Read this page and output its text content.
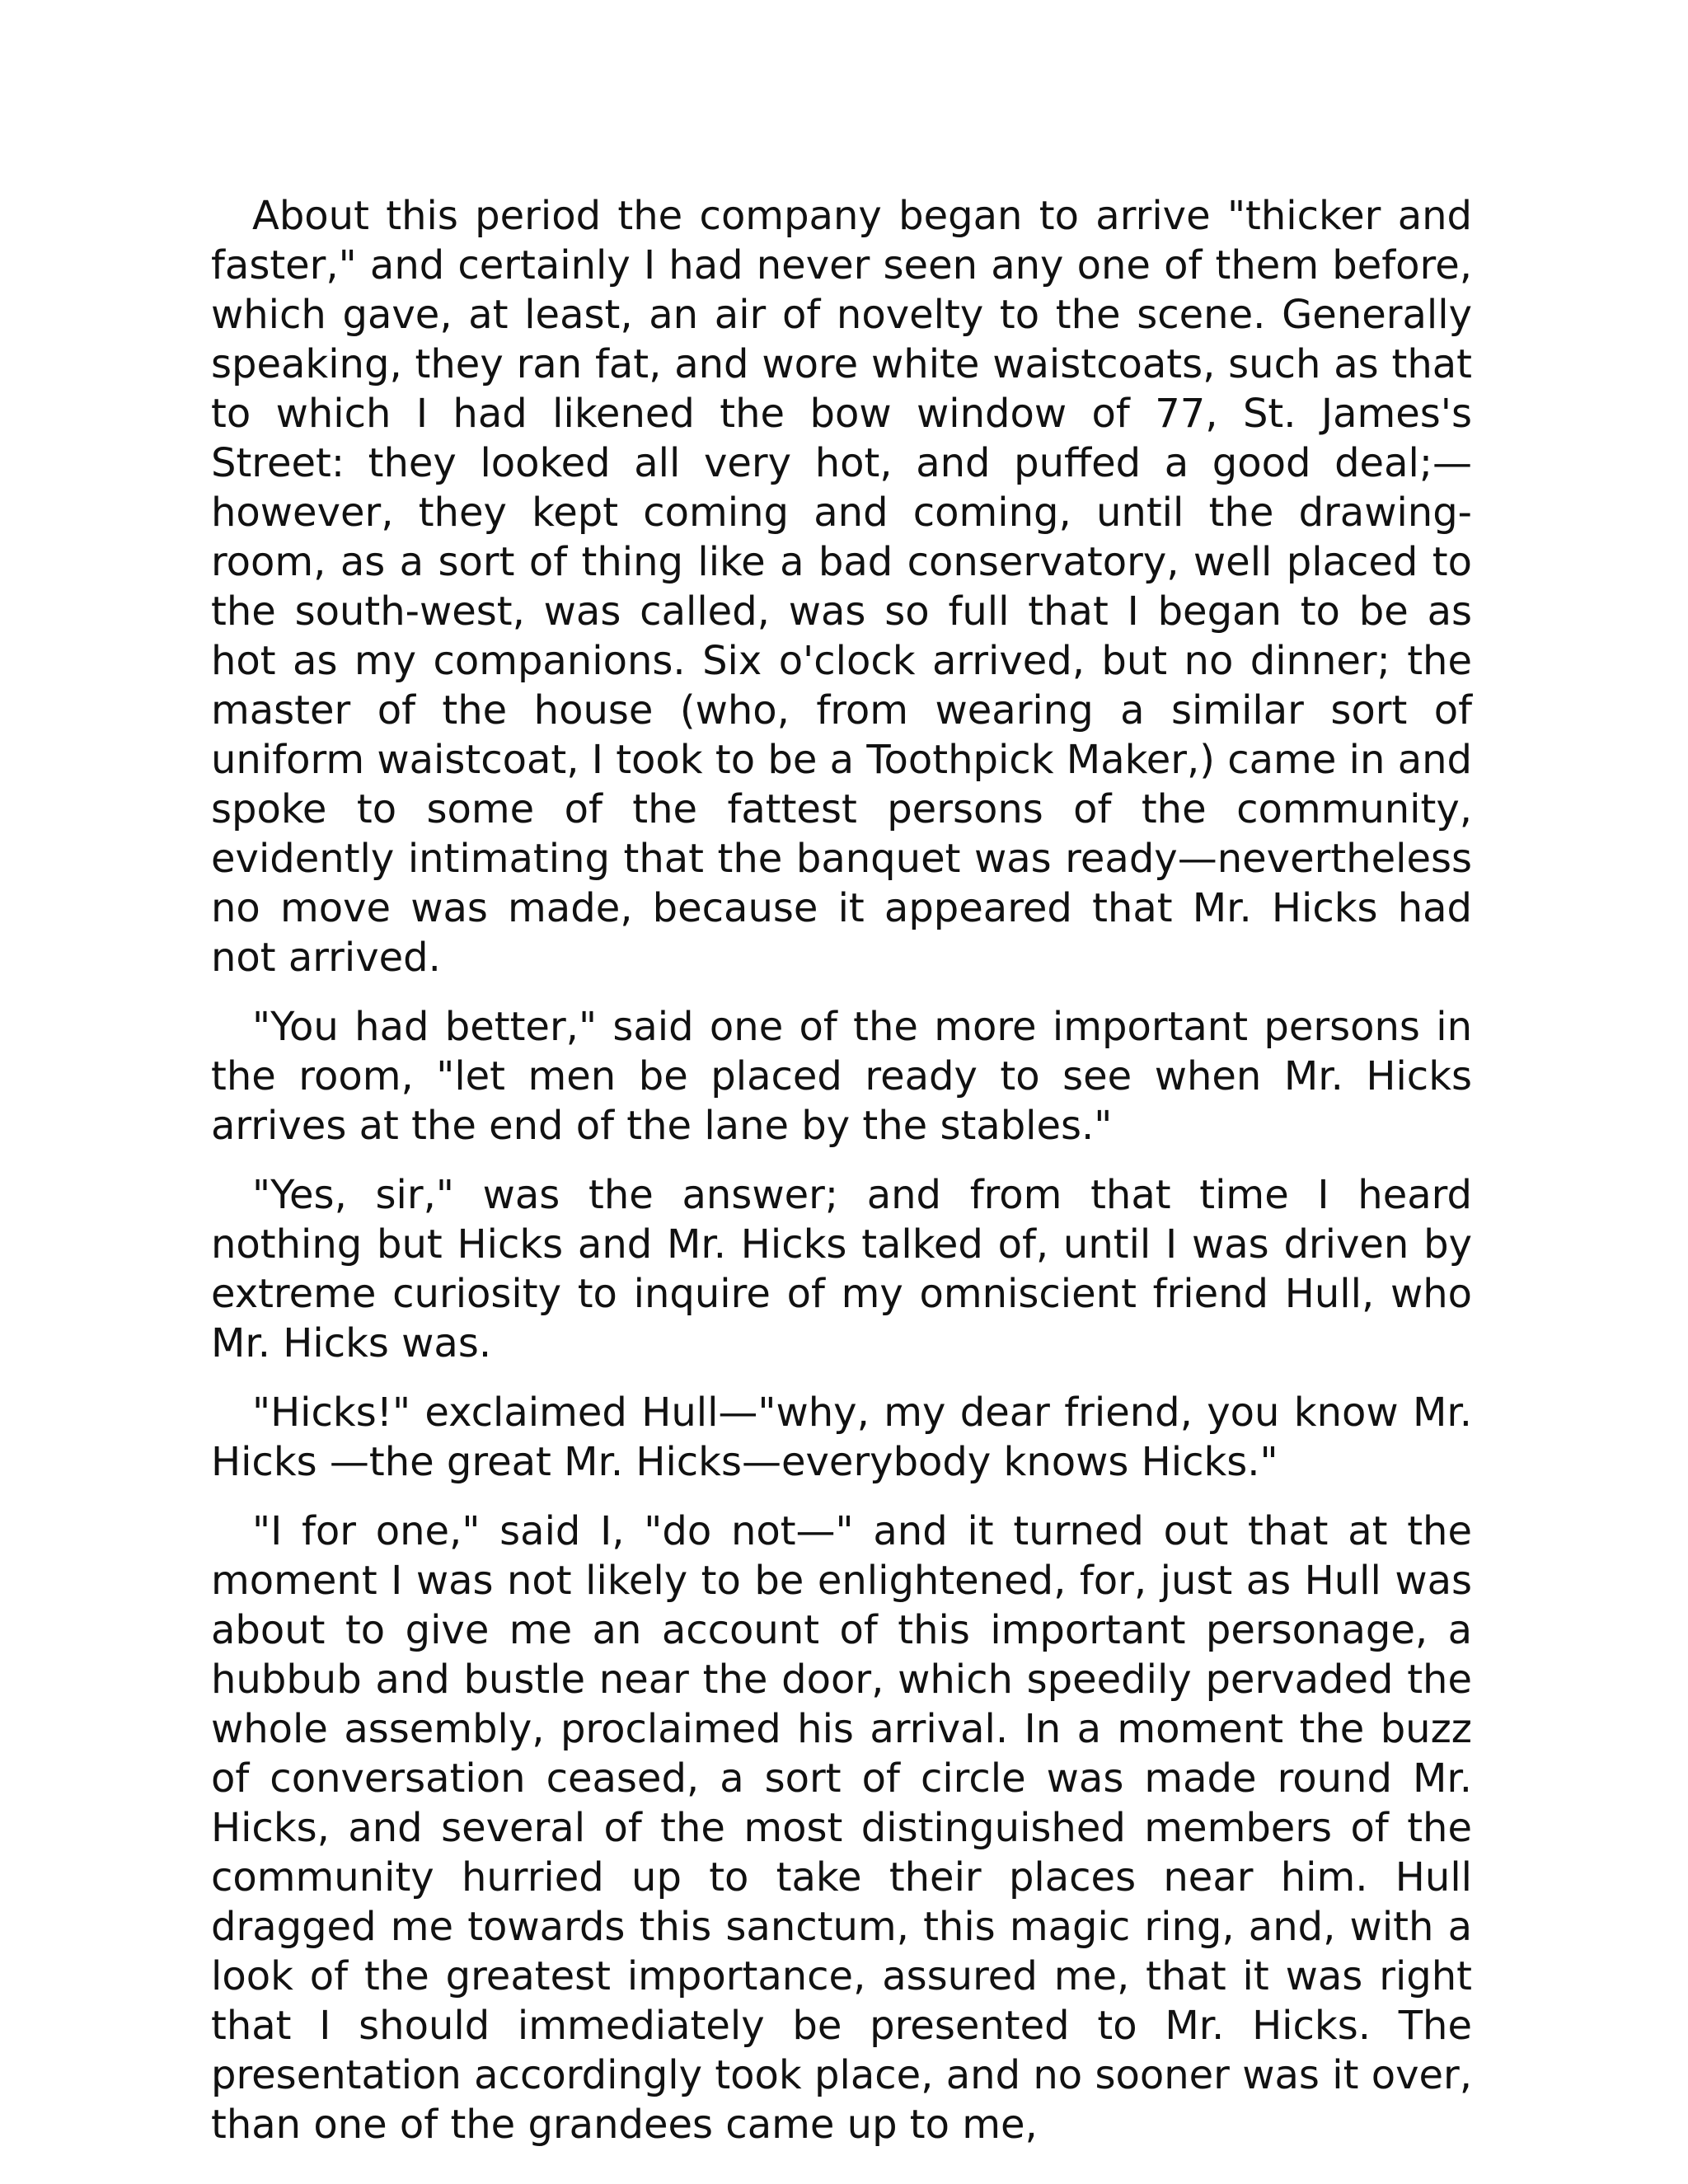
About this period the company began to arrive "thicker and faster," and certainly I had never seen any one of them before, which gave, at least, an air of novelty to the scene. Generally speaking, they ran fat, and wore white waistcoats, such as that to which I had likened the bow window of 77, St. James's Street: they looked all very hot, and puffed a good deal;—however, they kept coming and coming, until the drawing-room, as a sort of thing like a bad conservatory, well placed to the south-west, was called, was so full that I began to be as hot as my companions. Six o'clock arrived, but no dinner; the master of the house (who, from wearing a similar sort of uniform waistcoat, I took to be a Toothpick Maker,) came in and spoke to some of the fattest persons of the community, evidently intimating that the banquet was ready—nevertheless no move was made, because it appeared that Mr. Hicks had not arrived.

"You had better," said one of the more important persons in the room, "let men be placed ready to see when Mr. Hicks arrives at the end of the lane by the stables."

"Yes, sir," was the answer; and from that time I heard nothing but Hicks and Mr. Hicks talked of, until I was driven by extreme curiosity to inquire of my omniscient friend Hull, who Mr. Hicks was.

"Hicks!" exclaimed Hull—"why, my dear friend, you know Mr. Hicks —the great Mr. Hicks—everybody knows Hicks."

"I for one," said I, "do not—" and it turned out that at the moment I was not likely to be enlightened, for, just as Hull was about to give me an account of this important personage, a hubbub and bustle near the door, which speedily pervaded the whole assembly, proclaimed his arrival. In a moment the buzz of conversation ceased, a sort of circle was made round Mr. Hicks, and several of the most distinguished members of the community hurried up to take their places near him. Hull dragged me towards this sanctum, this magic ring, and, with a look of the greatest importance, assured me, that it was right that I should immediately be presented to Mr. Hicks. The presentation accordingly took place, and no sooner was it over, than one of the grandees came up to me,
